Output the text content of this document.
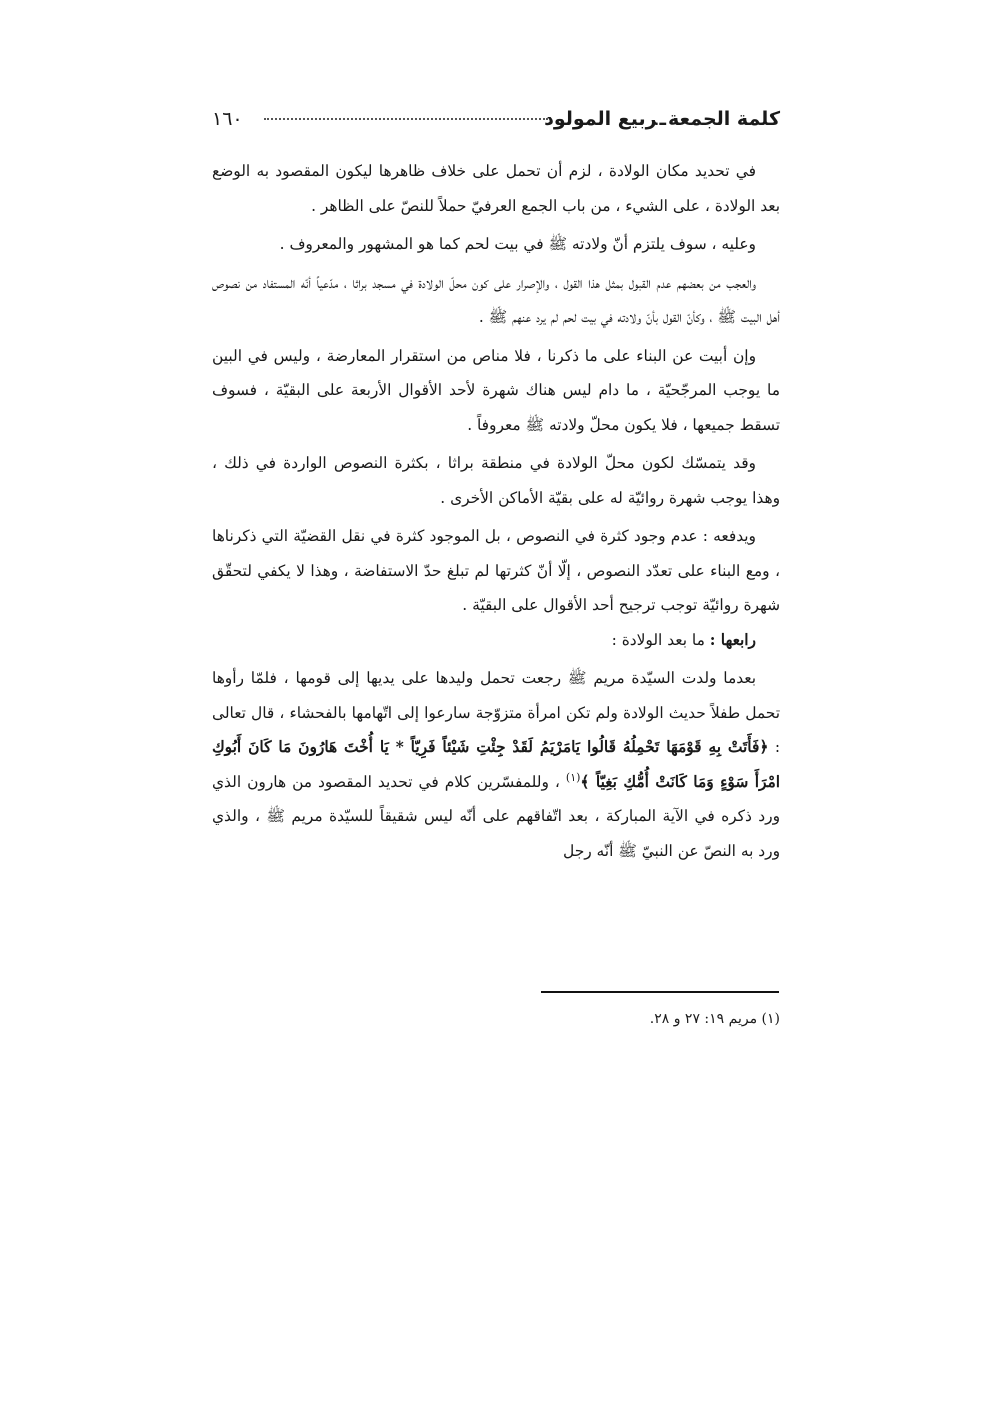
كلمة الجمعةـربيع المولود
١٦٠

في تحديد مكان الولادة ، لزم أن تحمل على خلاف ظاهرها ليكون المقصود به الوضع بعد الولادة ، على الشيء ، من باب الجمع العرفيّ حملاً للنصّ على الظاهر .

وعليه ، سوف يلتزم أنّ ولادته ﷺ في بيت لحم كما هو المشهور والمعروف .

والعجب من بعضهم عدم القبول بمثل هذا القول ، والإصرار على كون محلّ الولادة في مسجد براثا ، مدّعياً أنّه المستفاد من نصوص أهل البيت ﷺ ، وكأنّ القول بأنّ ولادته في بيت لحم لم يرد عنهم ﷺ .

وإن أبيت عن البناء على ما ذكرنا ، فلا مناص من استقرار المعارضة ، وليس في البين ما يوجب المرجّحيّة ، ما دام ليس هناك شهرة لأحد الأقوال الأربعة على البقيّة ، فسوف تسقط جميعها ، فلا يكون محلّ ولادته ﷺ معروفاً .

وقد يتمسّك لكون محلّ الولادة في منطقة براثا ، بكثرة النصوص الواردة في ذلك ، وهذا يوجب شهرة روائيّة له على بقيّة الأماكن الأخرى .

ويدفعه : عدم وجود كثرة في النصوص ، بل الموجود كثرة في نقل القضيّة التي ذكرناها ، ومع البناء على تعدّد النصوص ، إلّا أنّ كثرتها لم تبلغ حدّ الاستفاضة ، وهذا لا يكفي لتحقّق شهرة روائيّة توجب ترجيح أحد الأقوال على البقيّة .

رابعها : ما بعد الولادة :

بعدما ولدت السيّدة مريم ﷺ رجعت تحمل وليدها على يديها إلى قومها ، فلمّا رأوها تحمل طفلاً حديث الولادة ولم تكن امرأة متزوّجة سارعوا إلى اتّهامها بالفحشاء ، قال تعالى : ﴿فَأَتَتْ بِهِ قَوْمَهَا تَحْمِلُهُ قَالُوا يَامَرْيَمُ لَقَدْ جِئْتِ شَيْئاً فَرِيّاً * يَا أُخْتَ هَارُونَ مَا كَانَ أَبُوكِ امْرَأَ سَوْءٍ وَمَا كَانَتْ أُمُّكِ بَغِيّاً ﴾$^{(١)}$ ، وللمفسّرين كلام في تحديد المقصود من هارون الذي ورد ذكره في الآية المباركة ، بعد اتّفاقهم على أنّه ليس شقيقاً للسيّدة مريم ﷺ ، والذي ورد به النصّ عن النبيّ ﷺ أنّه رجل

(١) مريم ١٩: ٢٧ و ٢٨.
